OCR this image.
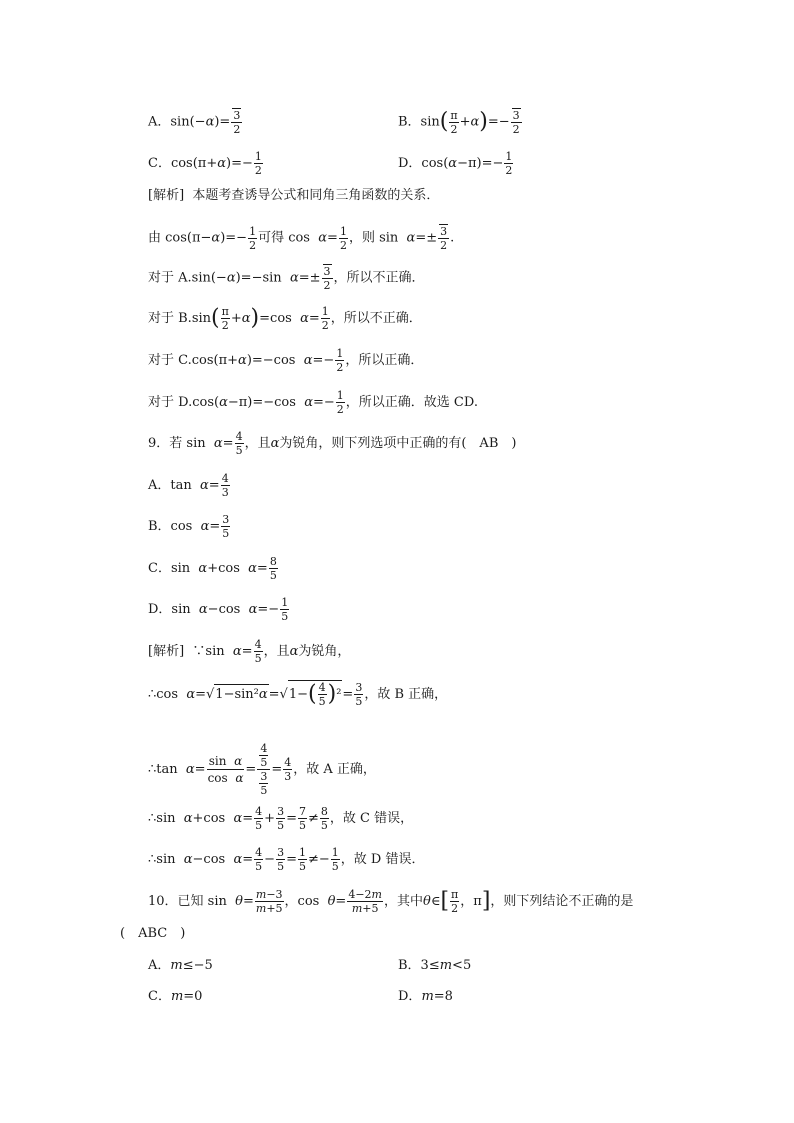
A．$\sin(-\alpha)= \frac{3}{2}$	B．$\sin( \frac{\pi}{2} +\alpha)=- \frac{3}{2}$
C．$\cos(\pi+\alpha)=- \frac{1}{2}$	D．$\cos(\alpha-\pi)=- \frac{1}{2}$
[解析] 本题考查诱导公式和同角三角函数的关系．
由 $\cos(\pi-\alpha)=- \frac{1}{2}$ 可得 $\cos \alpha= \frac{1}{2}$ ，则 $\sin \alpha=\pm \frac{3}{2}$ .
对于 A.sin(−α)=−sin  $\alpha=\pm \frac{3}{2}$ ，所以不正确．
对于 $B.\sin( \frac{\pi}{2} +\alpha)=\cos$  $\alpha= \frac{1}{2}$ ，所以不正确．
对于 C.cos(π+α)=−cos  $\alpha=- \frac{1}{2}$ ，所以正确．
对于 D.cos(α−π)=−cos  $\alpha=- \frac{1}{2}$ ，所以正确．故选 CD.
9．若 $\sin \alpha= \frac{4}{5}$ ，且α为锐角，则下列选项中正确的有(　AB　)
A．$\tan \alpha= \frac{4}{3}$
B．$\cos \alpha= \frac{3}{5}$
C．sin  α+cos  $\alpha= \frac{8}{5}$
D．sin  α−cos  $\alpha=- \frac{1}{5}$
[解析]  ∵sin  $\alpha= \frac{4}{5}$ ，且α为锐角，
∴cos  $\alpha=√1-\sin^2\alpha=√1-( \frac{4}{5} )^2= \frac{3}{5}$ ，故 B 正确，
∴tan  $\alpha= \frac{\text{sin  α}}{\text{cos  α}} = \frac{\frac{4}{5}}{\frac{3}{5}} = \frac{4}{3}$ ，故 A 正确，
∴sin  α+cos  $\alpha= \frac{4}{5} + \frac{3}{5} = \frac{7}{5} \ne \frac{8}{5}$ ，故 C 错误，
∴sin  α−cos  $\alpha= \frac{4}{5} - \frac{3}{5} = \frac{1}{5} \ne- \frac{1}{5}$ ，故 D 错误．
10．已知 $\sin \theta= \frac{m-3}{m+5}$ ，$\cos \theta= \frac{4-2m}{m+5}$ ，其中θ∈[ $\frac{\pi}{2}$ ，π]，则下列结论不正确的是
(　ABC　)
A．m≤−5	B．3≤m<5
C．m=0	D．m=8
